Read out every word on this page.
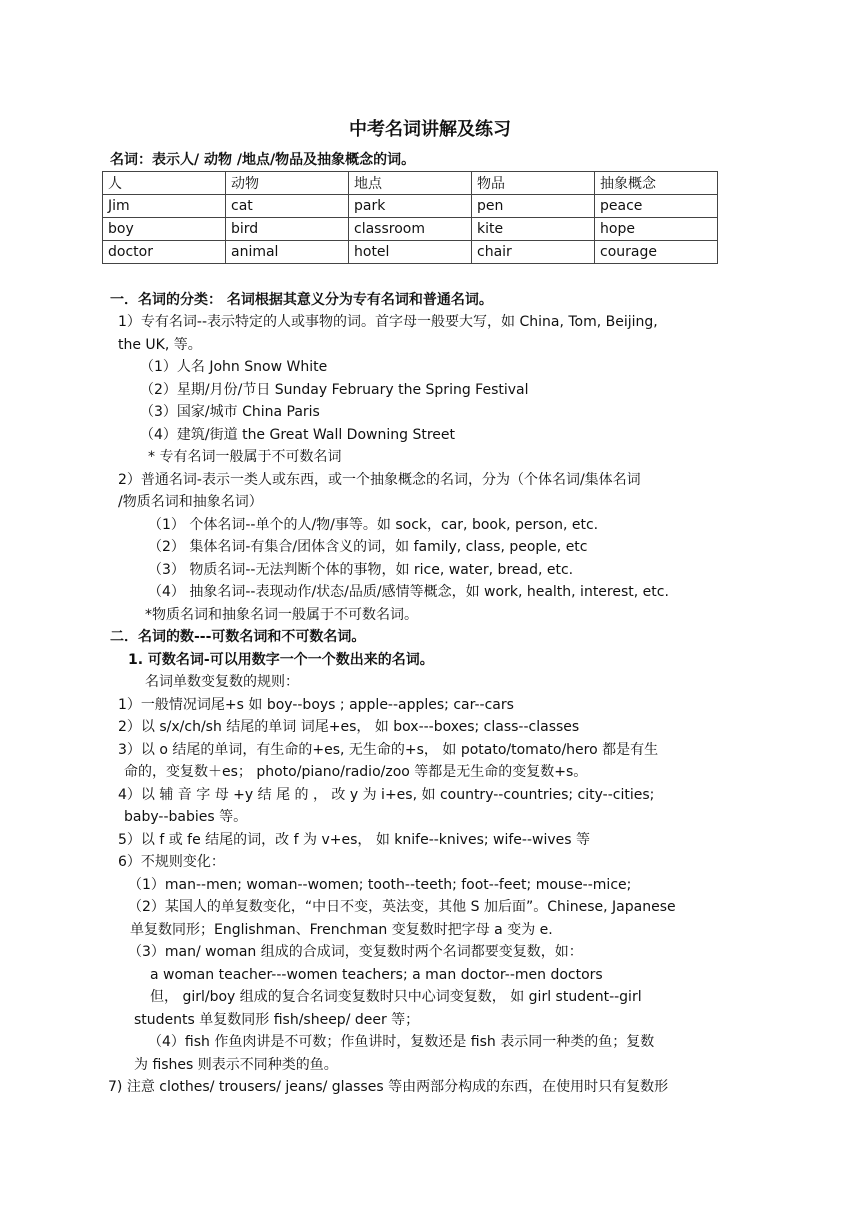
中考名词讲解及练习
名词：表示人/ 动物 /地点/物品及抽象概念的词。
人	动物	地点	物品	抽象概念
Jim	cat	park	pen	peace
boy	bird	classroom	kite	hope
doctor	animal	hotel	chair	courage
一．名词的分类： 名词根据其意义分为专有名词和普通名词。
1）专有名词--表示特定的人或事物的词。首字母一般要大写，如 China, Tom, Beijing,
the UK, 等。
（1）人名 John Snow White
（2）星期/月份/节日 Sunday February the Spring Festival
（3）国家/城市 China Paris
（4）建筑/街道 the Great Wall Downing Street
* 专有名词一般属于不可数名词
2）普通名词-表示一类人或东西，或一个抽象概念的名词，分为（个体名词/集体名词
/物质名词和抽象名词）
（1） 个体名词--单个的人/物/事等。如 sock，car, book, person, etc.
（2） 集体名词-有集合/团体含义的词，如 family, class, people, etc
（3） 物质名词--无法判断个体的事物，如 rice, water, bread, etc.
（4） 抽象名词--表现动作/状态/品质/感情等概念，如 work, health, interest, etc.
*物质名词和抽象名词一般属于不可数名词。
二．名词的数---可数名词和不可数名词。
1. 可数名词-可以用数字一个一个数出来的名词。
名词单数变复数的规则：
1）一般情况词尾+s 如 boy--boys ; apple--apples; car--cars
2）以 s/x/ch/sh 结尾的单词 词尾+es， 如 box---boxes; class--classes
3）以 o 结尾的单词，有生命的+es, 无生命的+s， 如 potato/tomato/hero 都是有生
命的，变复数＋es； photo/piano/radio/zoo 等都是无生命的变复数+s。
4）以 辅 音 字 母 +y 结 尾 的 ， 改 y 为 i+es, 如 country--countries; city--cities;
baby--babies 等。
5）以 f 或 fe 结尾的词，改 f 为 v+es， 如 knife--knives; wife--wives 等
6）不规则变化：
（1）man--men; woman--women; tooth--teeth; foot--feet; mouse--mice;
（2）某国人的单复数变化，“中日不变，英法变，其他 S 加后面”。Chinese, Japanese
单复数同形；Englishman、Frenchman 变复数时把字母 a 变为 e.
（3）man/ woman 组成的合成词，变复数时两个名词都要变复数，如：
a woman teacher---women teachers; a man doctor--men doctors
但， girl/boy 组成的复合名词变复数时只中心词变复数， 如 girl student--girl
students 单复数同形 fish/sheep/ deer 等；
（4）fish 作鱼肉讲是不可数；作鱼讲时，复数还是 fish 表示同一种类的鱼；复数
为 fishes 则表示不同种类的鱼。
7) 注意 clothes/ trousers/ jeans/ glasses 等由两部分构成的东西，在使用时只有复数形
